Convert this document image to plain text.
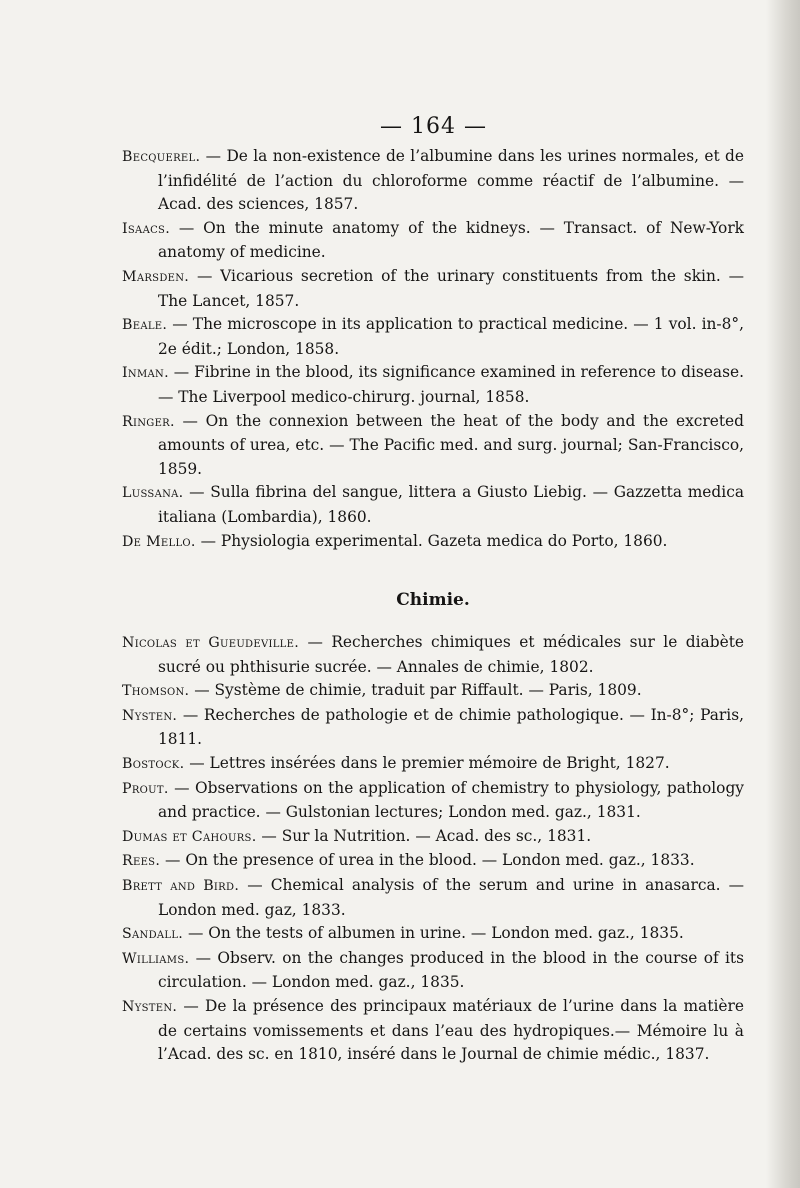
— 164 —

Becquerel. — De la non-existence de l’albumine dans les urines normales, et de l’infidélité de l’action du chloroforme comme réactif de l’albumine. — Acad. des sciences, 1857.

Isaacs. — On the minute anatomy of the kidneys. — Transact. of New-York anatomy of medicine.

Marsden. — Vicarious secretion of the urinary constituents from the skin. — The Lancet, 1857.

Beale. — The microscope in its application to practical medicine. — 1 vol. in-8°, 2e édit.; London, 1858.

Inman. — Fibrine in the blood, its significance examined in reference to disease. — The Liverpool medico-chirurg. journal, 1858.

Ringer. — On the connexion between the heat of the body and the excreted amounts of urea, etc. — The Pacific med. and surg. journal; San-Francisco, 1859.

Lussana. — Sulla fibrina del sangue, littera a Giusto Liebig. — Gazzetta medica italiana (Lombardia), 1860.

De Mello. — Physiologia experimental. Gazeta medica do Porto, 1860.

Chimie.

Nicolas et Gueudeville. — Recherches chimiques et médicales sur le diabète sucré ou phthisurie sucrée. — Annales de chimie, 1802.

Thomson. — Système de chimie, traduit par Riffault. — Paris, 1809.

Nysten. — Recherches de pathologie et de chimie pathologique. — In-8°; Paris, 1811.

Bostock. — Lettres insérées dans le premier mémoire de Bright, 1827.

Prout. — Observations on the application of chemistry to physiology, pathology and practice. — Gulstonian lectures; London med. gaz., 1831.

Dumas et Cahours. — Sur la Nutrition. — Acad. des sc., 1831.

Rees. — On the presence of urea in the blood. — London med. gaz., 1833.

Brett and Bird. — Chemical analysis of the serum and urine in anasarca. — London med. gaz, 1833.

Sandall. — On the tests of albumen in urine. — London med. gaz., 1835.

Williams. — Observ. on the changes produced in the blood in the course of its circulation. — London med. gaz., 1835.

Nysten. — De la présence des principaux matériaux de l’urine dans la matière de certains vomissements et dans l’eau des hydropiques.— Mémoire lu à l’Acad. des sc. en 1810, inséré dans le Journal de chimie médic., 1837.
